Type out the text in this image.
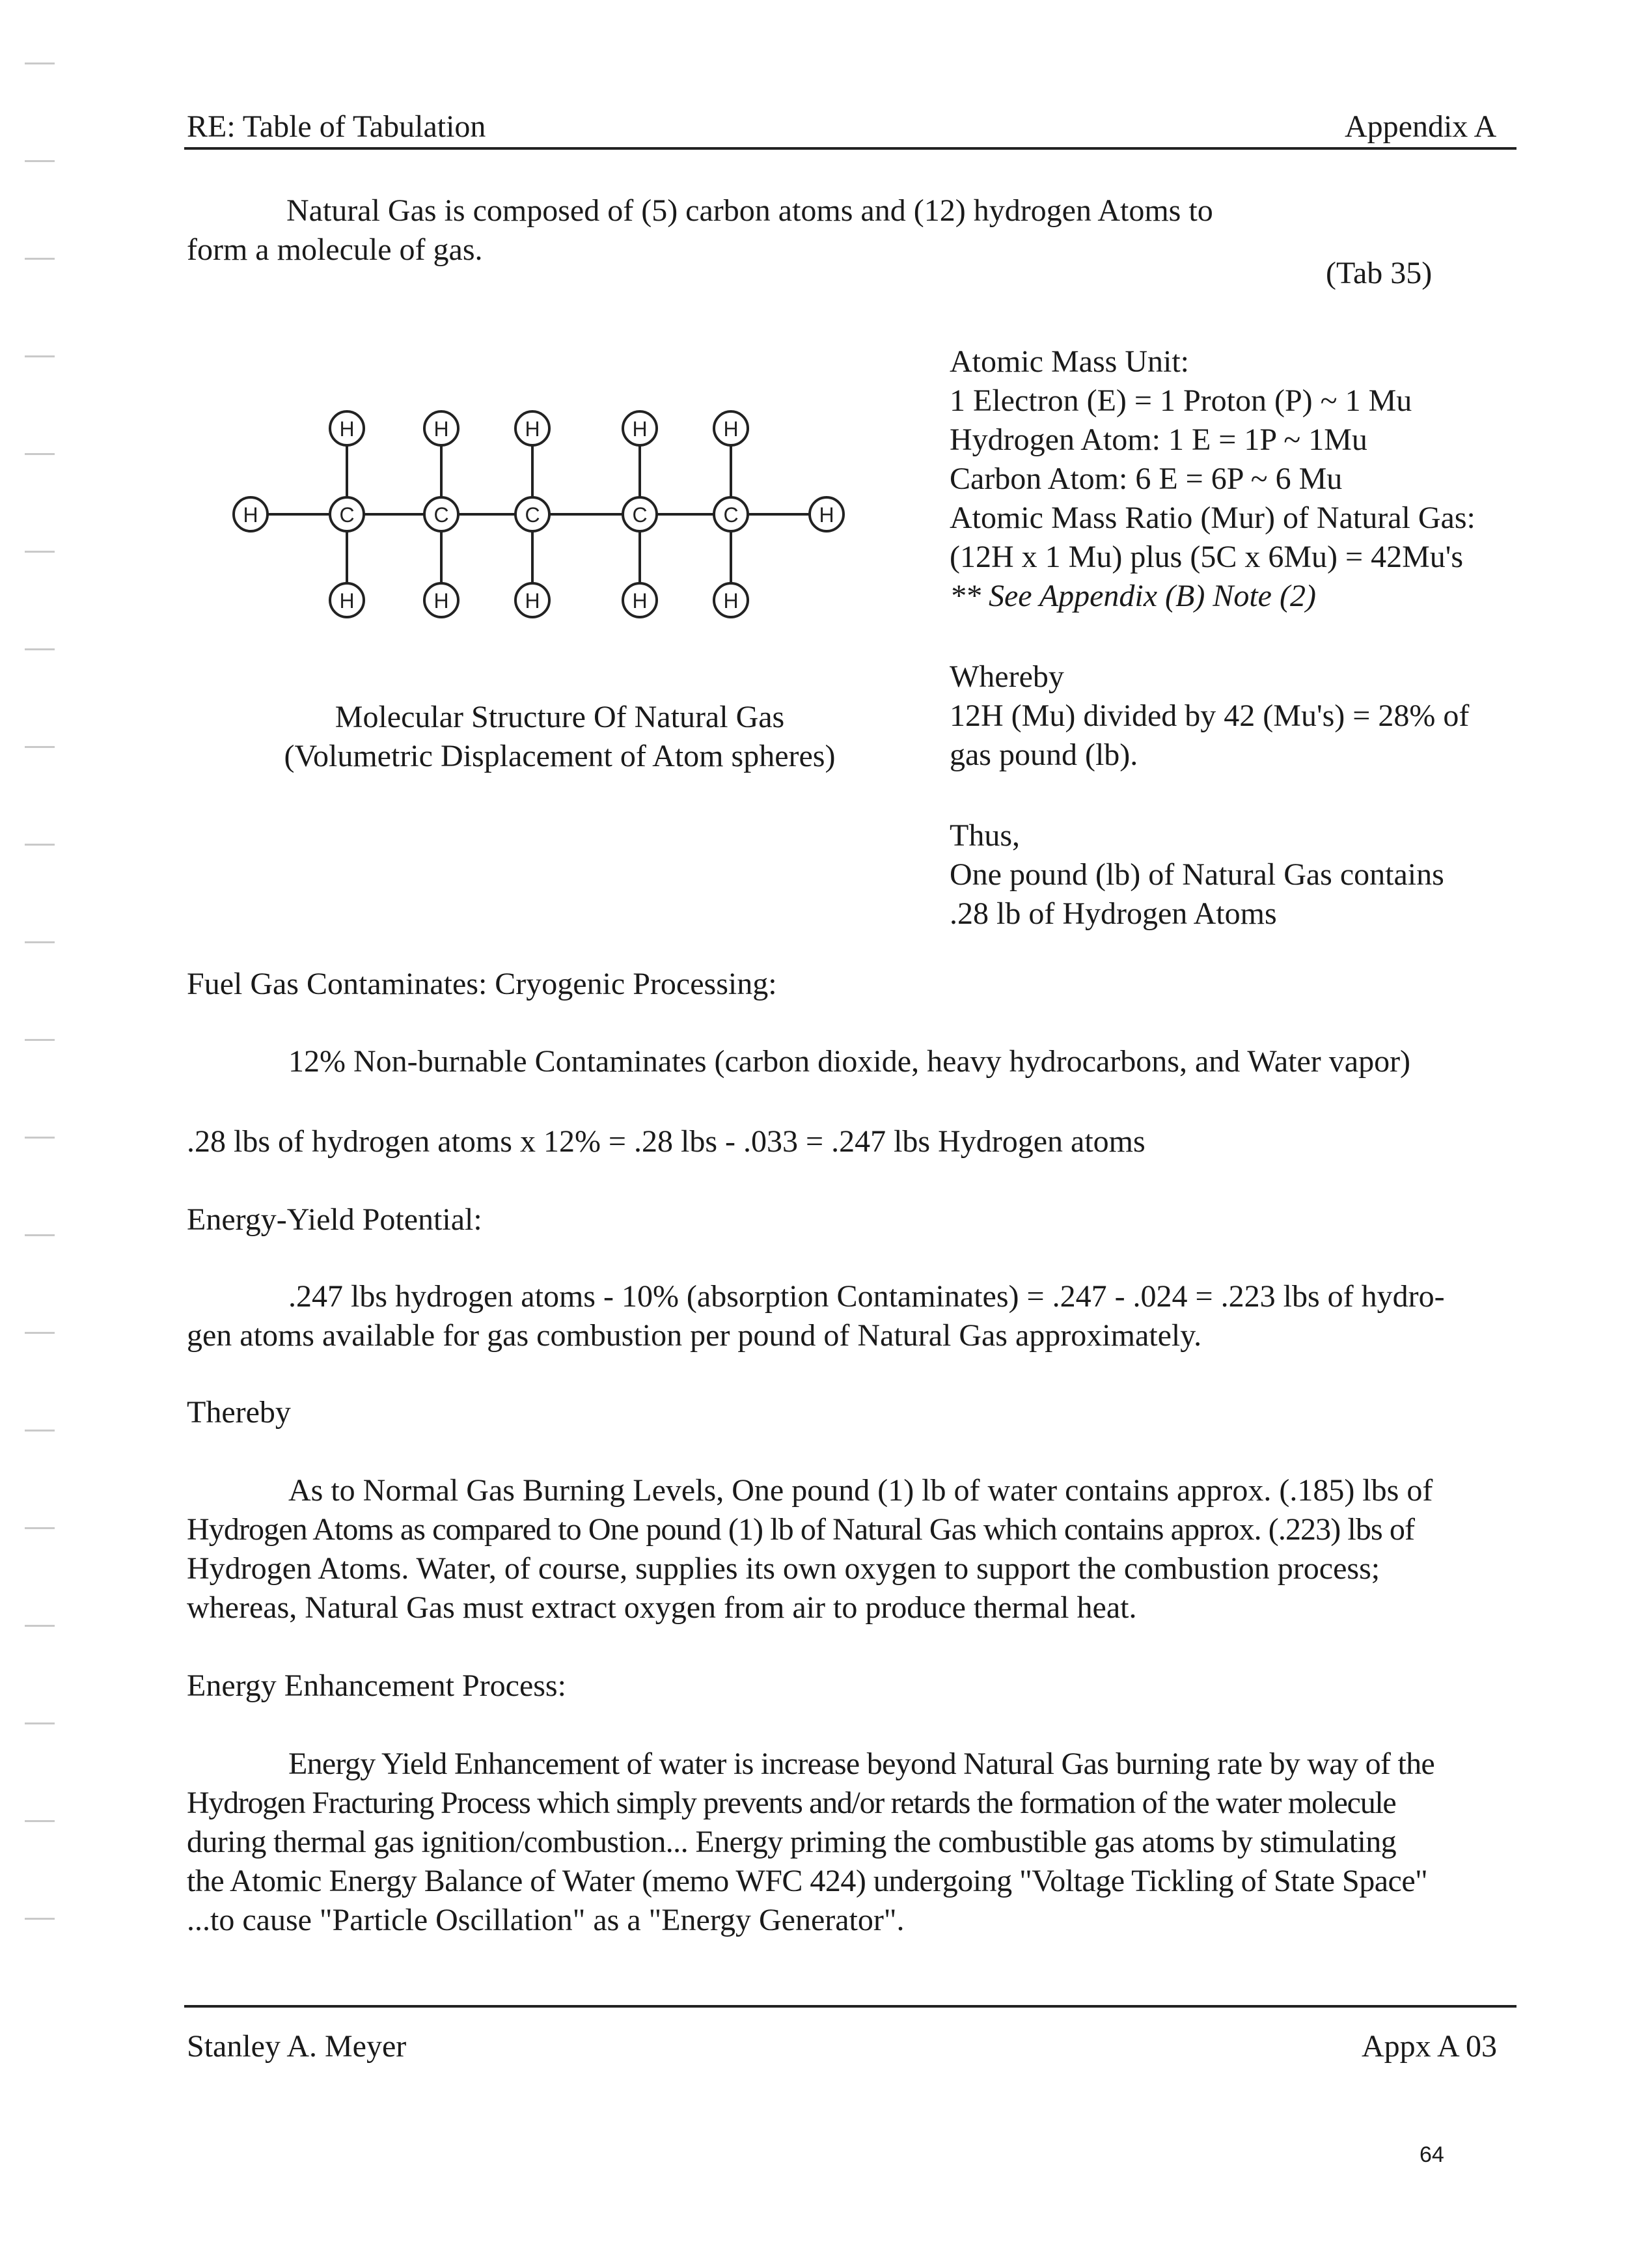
RE: Table of Tabulation	Appendix A
Natural Gas is composed of (5) carbon atoms and (12) hydrogen Atoms to
form a molecule of gas.
(Tab 35)
H	H	H	H	H
H	C	C	C	C	C	H
H	H	H	H	H
Molecular Structure Of Natural Gas
(Volumetric Displacement of Atom spheres)
Atomic Mass Unit:
1 Electron (E) = 1 Proton (P) ~ 1 Mu
Hydrogen Atom: 1 E = 1P ~ 1Mu
Carbon Atom: 6 E = 6P ~ 6 Mu
Atomic Mass Ratio (Mur) of Natural Gas:
(12H x 1 Mu) plus (5C x 6Mu) = 42Mu's
** See Appendix (B) Note (2)
Whereby
12H (Mu) divided by 42 (Mu's) = 28% of
gas pound (lb).
Thus,
One pound (lb) of Natural Gas contains
.28 lb of Hydrogen Atoms
Fuel Gas Contaminates: Cryogenic Processing:
12% Non-burnable Contaminates (carbon dioxide, heavy hydrocarbons, and Water vapor)
.28 lbs of hydrogen atoms x 12% = .28 lbs - .033 = .247 lbs Hydrogen atoms
Energy-Yield Potential:
.247 lbs hydrogen atoms - 10% (absorption Contaminates) = .247 - .024 = .223 lbs of hydro-
gen atoms available for gas combustion per pound of Natural Gas approximately.
Thereby
As to Normal Gas Burning Levels, One pound (1) lb of water contains approx. (.185) lbs of
Hydrogen Atoms as compared to One pound (1) lb of Natural Gas which contains approx. (.223) lbs of
Hydrogen Atoms. Water, of course, supplies its own oxygen to support the combustion process;
whereas, Natural Gas must extract oxygen from air to produce thermal heat.
Energy Enhancement Process:
Energy Yield Enhancement of water is increase beyond Natural Gas burning rate by way of the
Hydrogen Fracturing Process which simply prevents and/or retards the formation of the water molecule
during thermal gas ignition/combustion... Energy priming the combustible gas atoms by stimulating
the Atomic Energy Balance of Water (memo WFC 424) undergoing "Voltage Tickling of State Space"
...to cause "Particle Oscillation" as a "Energy Generator".
Stanley A. Meyer	Appx A 03
64
